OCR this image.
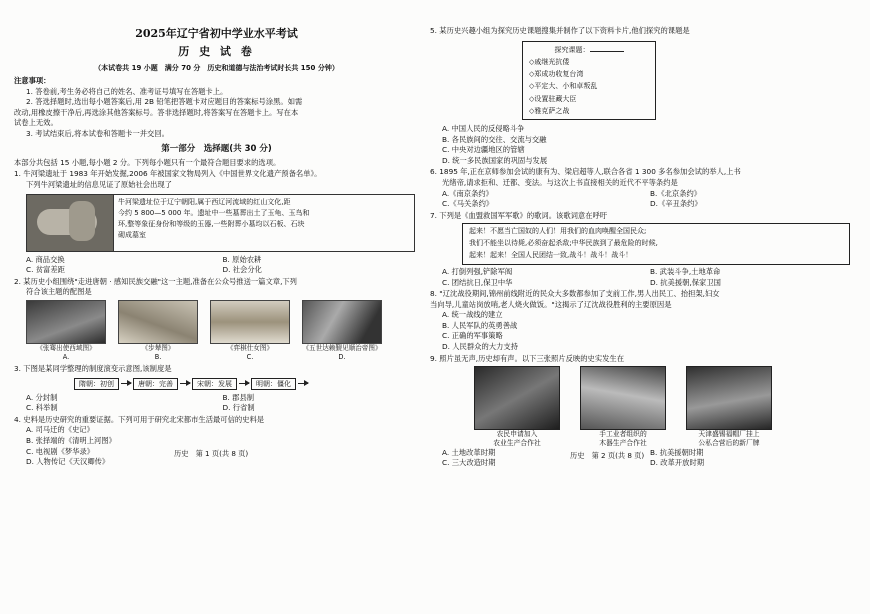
2025年辽宁省初中学业水平考试
历 史 试 卷
（本试卷共 19 小题　满分 70 分　历史和道德与法治考试时长共 150 分钟）
注意事项：
1. 答卷前,考生务必将自己的姓名、准考证号填写在答题卡上。
2. 答选择题时,选出每小题答案后,用 2B 铅笔把答题卡对应题目的答案标号涂黑。如需
改动,用橡皮擦干净后,再选涂其他答案标号。答非选择题时,将答案写在答题卡上。写在本
试卷上无效。
3. 考试结束后,将本试卷和答题卡一并交回。
第一部分　选择题(共 30 分)
本部分共包括 15 小题,每小题 2 分。下列每小题只有一个最符合题目要求的选项。
1. 牛河梁遗址于 1983 年开始发掘,2006 年被国家文物局列入《中国世界文化遗产预备名单》。
下列牛河梁遗址的信息见证了原始社会出现了
牛河梁遗址位于辽宁朝阳,属于西辽河流域的红山文化,距
今约 5 800—5 000 年。遗址中一些墓葬出土了玉龟、玉鸟和
环,整等象征身份和等级的玉器,一些附葬小墓均以石板、石块
砌成墓室
A. 商品交换	B. 原始农耕
C. 贫富差距	D. 社会分化
2. 某历史小组围绕"走进唐朝 · 感知民族交融"这一主题,准备在公众号推送一篇文章,下列
符合该主题的配图是
《张骞出使西域图》
A.
《步辇图》
B.
《弈棋仕女图》
C.
《五世达赖觐见顺治帝图》
D.
3. 下图是某同学整理的制度演变示意图,该制度是
隋朝：初创	唐朝：完善	宋朝：发展	明朝：僵化
A. 分封制	B. 郡县制
C. 科举制	D. 行省制
4. 史料是历史研究的重要证据。下列可用于研究北宋都市生活最可信的史料是
A. 司马迁的《史记》
B. 张择端的《清明上河图》
C. 电视剧《梦华录》
D. 人物传记《天汉卿传》
历史　第 1 页(共 8 页)
5. 某历史兴趣小组为探究历史课题搜集并制作了以下资料卡片,他们探究的课题是
探究课题：
◇戚继光抗倭
◇郑成功收复台湾
◇平定大、小和卓叛乱
◇设置驻藏大臣
◇雅克萨之战
A. 中国人民的反侵略斗争
B. 各民族间的交往、交流与交融
C. 中央对边疆地区的管辖
D. 统一多民族国家的巩固与发展
6. 1895 年,正在京师参加会试的康有为、梁启超等人,联合各省 1 300 多名参加会试的举人,上书
光绪帝,请求拒和、迁都、变法。与这次上书直接相关的近代不平等条约是
A.《南京条约》	B.《北京条约》
C.《马关条约》	D.《辛丑条约》
7. 下列是《血盟救国军军歌》的歌词。该歌词意在呼吁
起来！不愿当亡国奴的人们！用我们的血肉唤醒全国民众;
我们不能坐以待毙,必须奋起杀敌;中华民族到了最危险的时候,
起来！起来！全国人民团结一致,战斗！战斗！战斗！
A. 打倒列强,铲除军阀	B. 武装斗争,土地革命
C. 团结抗日,保卫中华	D. 抗美援朝,保家卫国
8. "辽沈战役期间,锦州前线附近的民众大多数都参加了支前工作,男人出民工、抬担架,妇女
当向导,儿童站岗放哨,老人烧火做饭。"这揭示了辽沈战役胜利的主要原因是
A. 统一战线的建立
B. 人民军队的英勇善战
C. 正确的军事策略
D. 人民群众的大力支持
9. 照片虽无声,历史却有声。以下三张照片反映的史实发生在
农民申请加入
农业生产合作社
手工业者组织的
木器生产合作社
天津盛锡福帽厂挂上
公私合营后的新厂牌
A. 土地改革时期	B. 抗美援朝时期
C. 三大改造时期	D. 改革开放时期
历史　第 2 页(共 8 页)
